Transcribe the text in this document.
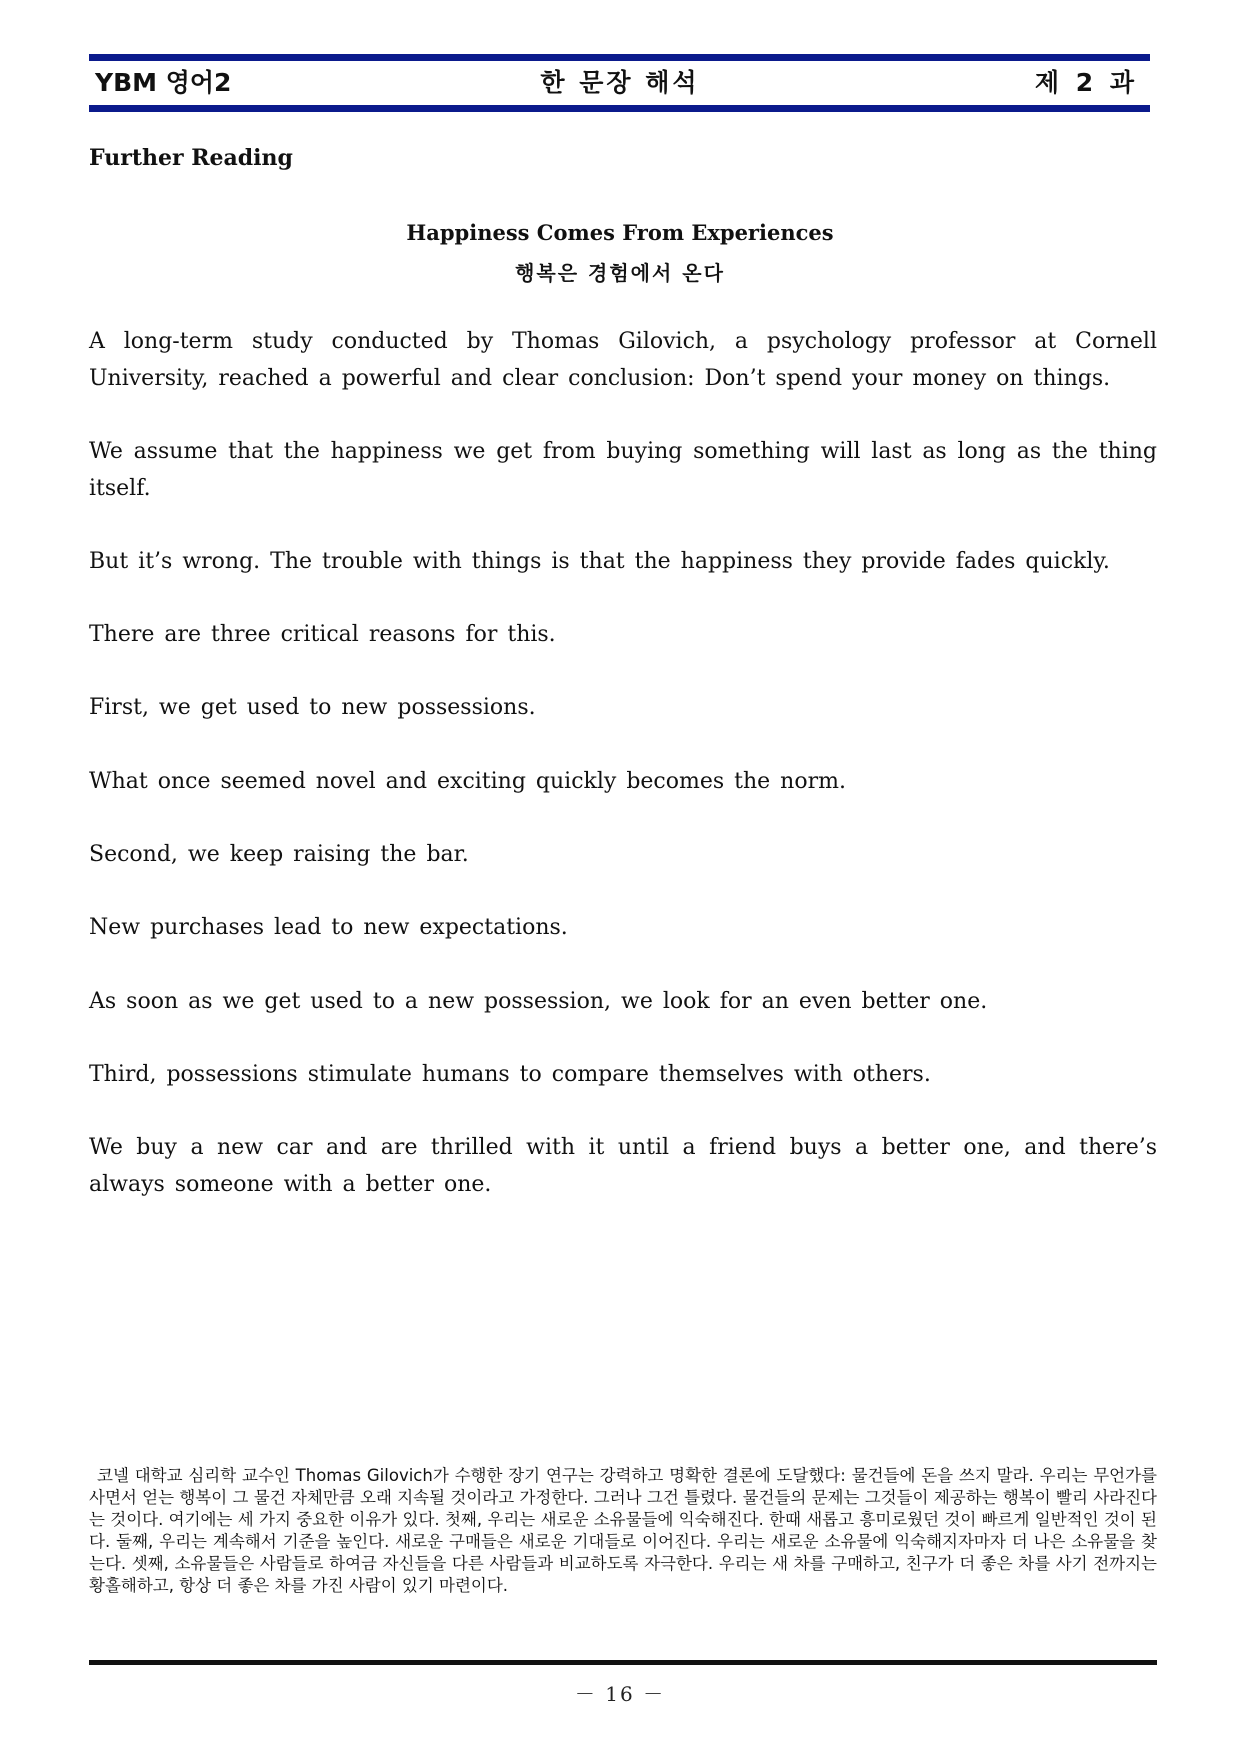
YBM 영어2	한 문장 해석	제 2 과
Further Reading
Happiness Comes From Experiences
행복은 경험에서 온다

A long-term study conducted by Thomas Gilovich, a psychology professor at Cornell University, reached a powerful and clear conclusion: Don’t spend your money on things.

We assume that the happiness we get from buying something will last as long as the thing itself.

But it’s wrong. The trouble with things is that the happiness they provide fades quickly.

There are three critical reasons for this.

First, we get used to new possessions.

What once seemed novel and exciting quickly becomes the norm.

Second, we keep raising the bar.

New purchases lead to new expectations.

As soon as we get used to a new possession, we look for an even better one.

Third, possessions stimulate humans to compare themselves with others.

We buy a new car and are thrilled with it until a friend buys a better one, and there’s always someone with a better one.

코넬 대학교 심리학 교수인 Thomas Gilovich가 수행한 장기 연구는 강력하고 명확한 결론에 도달했다: 물건들에 돈을 쓰지 말라. 우리는 무언가를 사면서 얻는 행복이 그 물건 자체만큼 오래 지속될 것이라고 가정한다. 그러나 그건 틀렸다. 물건들의 문제는 그것들이 제공하는 행복이 빨리 사라진다는 것이다. 여기에는 세 가지 중요한 이유가 있다. 첫째, 우리는 새로운 소유물들에 익숙해진다. 한때 새롭고 흥미로웠던 것이 빠르게 일반적인 것이 된다. 둘째, 우리는 계속해서 기준을 높인다. 새로운 구매들은 새로운 기대들로 이어진다. 우리는 새로운 소유물에 익숙해지자마자 더 나은 소유물을 찾는다. 셋째, 소유물들은 사람들로 하여금 자신들을 다른 사람들과 비교하도록 자극한다. 우리는 새 차를 구매하고, 친구가 더 좋은 차를 사기 전까지는 황홀해하고, 항상 더 좋은 차를 가진 사람이 있기 마련이다.
－ 16 －
